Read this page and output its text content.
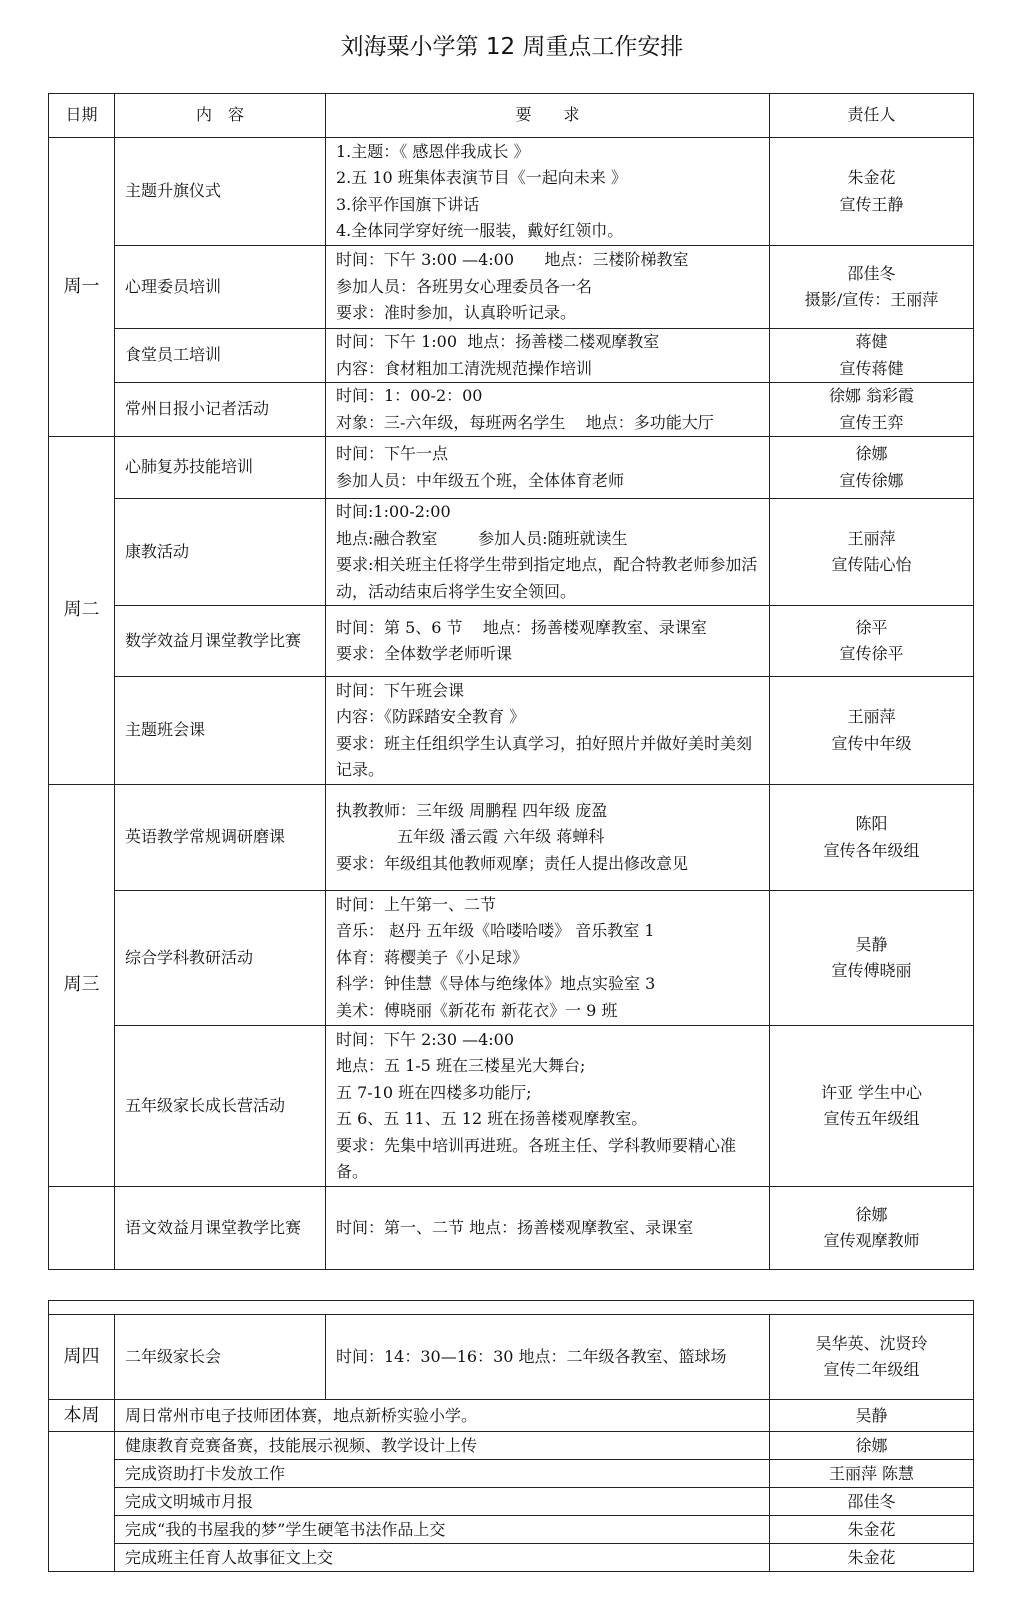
刘海粟小学第 12 周重点工作安排
日期	内　容	要　　求	责任人
周一	主题升旗仪式	1.主题：《 感恩伴我成长 》
2.五 10 班集体表演节目《一起向未来 》
3.徐平作国旗下讲话
4.全体同学穿好统一服装，戴好红领巾。	朱金花
宣传王静

	心理委员培训	时间：下午 3:00 —4:00      地点：三楼阶梯教室
参加人员：各班男女心理委员各一名
要求：准时参加，认真聆听记录。	邵佳冬
摄影/宣传：王丽萍

	食堂员工培训	时间：下午 1:00  地点：扬善楼二楼观摩教室
内容：食材粗加工清洗规范操作培训	蒋健
宣传蒋健

	常州日报小记者活动	时间：1：00-2：00
对象：三-六年级，每班两名学生    地点：多功能大厅	徐娜 翁彩霞
宣传王弈

周二	心肺复苏技能培训	时间：下午一点
参加人员：中年级五个班，全体体育老师	徐娜
宣传徐娜

	康教活动	时间:1:00-2:00
地点:融合教室        参加人员:随班就读生
要求:相关班主任将学生带到指定地点，配合特教老师参加活动，活动结束后将学生安全领回。	王丽萍
宣传陆心怡

	数学效益月课堂教学比赛	时间：第 5、6 节    地点：扬善楼观摩教室、录课室
要求：全体数学老师听课	徐平
宣传徐平

	主题班会课	时间：下午班会课
内容：《防踩踏安全教育 》
要求：班主任组织学生认真学习，拍好照片并做好美时美刻记录。	王丽萍
宣传中年级

周三	英语教学常规调研磨课	执教教师：三年级 周鹏程 四年级 庞盈
五年级 潘云霞 六年级 蒋蝉科
要求：年级组其他教师观摩；责任人提出修改意见	陈阳
宣传各年级组

	综合学科教研活动	时间：上午第一、二节
音乐： 赵丹 五年级《哈喽哈喽》 音乐教室 1
体育：蒋樱美子《小足球》
科学：钟佳慧《导体与绝缘体》地点实验室 3
美术：傅晓丽《新花布 新花衣》一 9 班	吴静
宣传傅晓丽

	五年级家长成长营活动	时间：下午 2:30 —4:00
地点：五 1-5 班在三楼星光大舞台;
五 7-10 班在四楼多功能厅;
五 6、五 11、五 12 班在扬善楼观摩教室。
要求：先集中培训再进班。各班主任、学科教师要精心准备。	许亚 学生中心
宣传五年级组

	语文效益月课堂教学比赛	时间：第一、二节 地点：扬善楼观摩教室、录课室	徐娜
宣传观摩教师

周四	二年级家长会	时间：14：30—16：30 地点：二年级各教室、篮球场	吴华英、沈贤玲
宣传二年级组

本周	周日常州市电子技师团体赛，地点新桥实验小学。		吴静
	健康教育竞赛备赛，技能展示视频、教学设计上传		徐娜
	完成资助打卡发放工作		王丽萍 陈慧
	完成文明城市月报		邵佳冬
	完成“我的书屋我的梦”学生硬笔书法作品上交		朱金花
	完成班主任育人故事征文上交		朱金花
